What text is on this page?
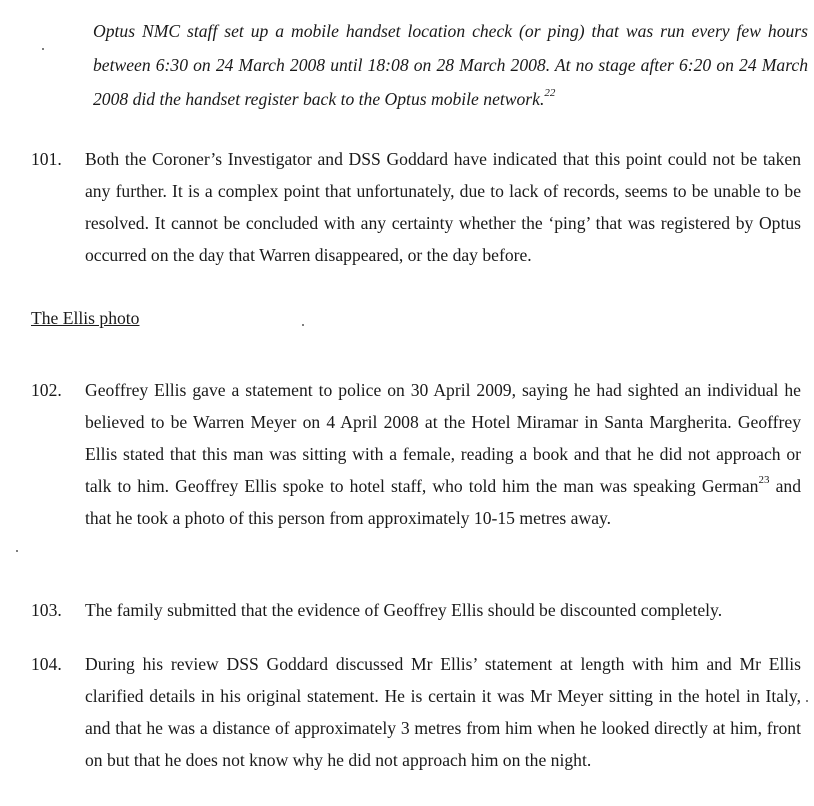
Optus NMC staff set up a mobile handset location check (or ping) that was run every few hours between 6:30 on 24 March 2008 until 18:08 on 28 March 2008. At no stage after 6:20 on 24 March 2008 did the handset register back to the Optus mobile network.$^{22}$
101. Both the Coroner’s Investigator and DSS Goddard have indicated that this point could not be taken any further. It is a complex point that unfortunately, due to lack of records, seems to be unable to be resolved. It cannot be concluded with any certainty whether the ‘ping’ that was registered by Optus occurred on the day that Warren disappeared, or the day before.
The Ellis photo
102. Geoffrey Ellis gave a statement to police on 30 April 2009, saying he had sighted an individual he believed to be Warren Meyer on 4 April 2008 at the Hotel Miramar in Santa Margherita. Geoffrey Ellis stated that this man was sitting with a female, reading a book and that he did not approach or talk to him. Geoffrey Ellis spoke to hotel staff, who told him the man was speaking German$^{23}$ and that he took a photo of this person from approximately 10-15 metres away.
103. The family submitted that the evidence of Geoffrey Ellis should be discounted completely.
104. During his review DSS Goddard discussed Mr Ellis’ statement at length with him and Mr Ellis clarified details in his original statement. He is certain it was Mr Meyer sitting in the hotel in Italy, and that he was a distance of approximately 3 metres from him when he looked directly at him, front on but that he does not know why he did not approach him on the night.
